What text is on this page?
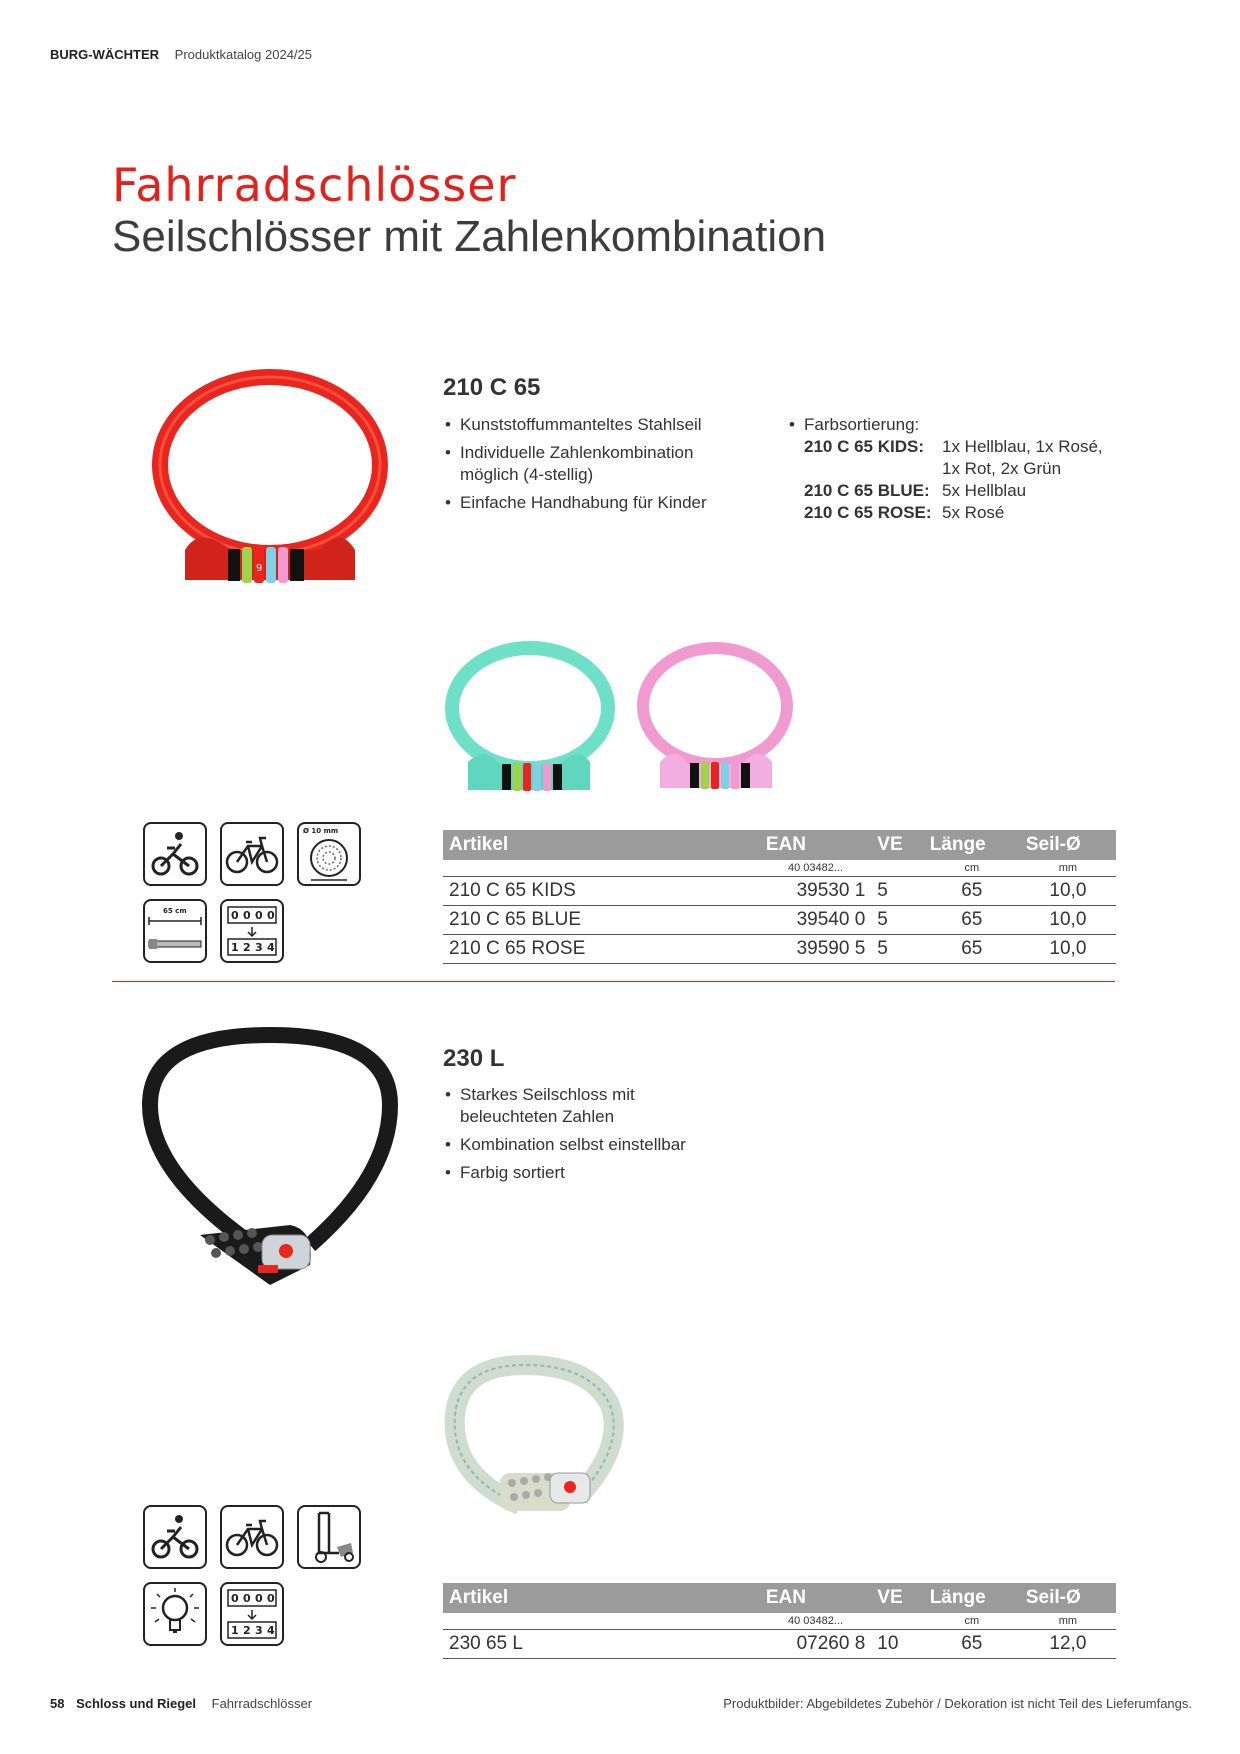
BURG-WÄCHTER Produktkatalog 2024/25
Fahrradschlösser
Seilschlösser mit Zahlenkombination
9
210 C 65
• Kunststoffummanteltes Stahlseil
• Individuelle Zahlenkombination möglich (4-stellig)
• Einfache Handhabung für Kinder
• Farbsortierung:
210 C 65 KIDS:	1x Hellblau, 1x Rosé,
1x Rot, 2x Grün
210 C 65 BLUE: 5x Hellblau
210 C 65 ROSE: 5x Rosé
Ø 10 mm
65 cm	0 0 0 0
1 2 3 4
Artikel	EAN	VE	Länge	Seil-Ø
	40 03482...		cm	mm
210 C 65 KIDS	39530 1	5	65	10,0
210 C 65 BLUE	39540 0	5	65	10,0
210 C 65 ROSE	39590 5	5	65	10,0
230 L
• Starkes Seilschloss mit beleuchteten Zahlen
• Kombination selbst einstellbar
• Farbig sortiert
0 0 0 0
1 2 3 4
Artikel	EAN	VE	Länge	Seil-Ø
	40 03482...		cm	mm
230 65 L	07260 8	10	65	12,0
58 Schloss und Riegel Fahrradschlösser	Produktbilder: Abgebildetes Zubehör / Dekoration ist nicht Teil des Lieferumfangs.
